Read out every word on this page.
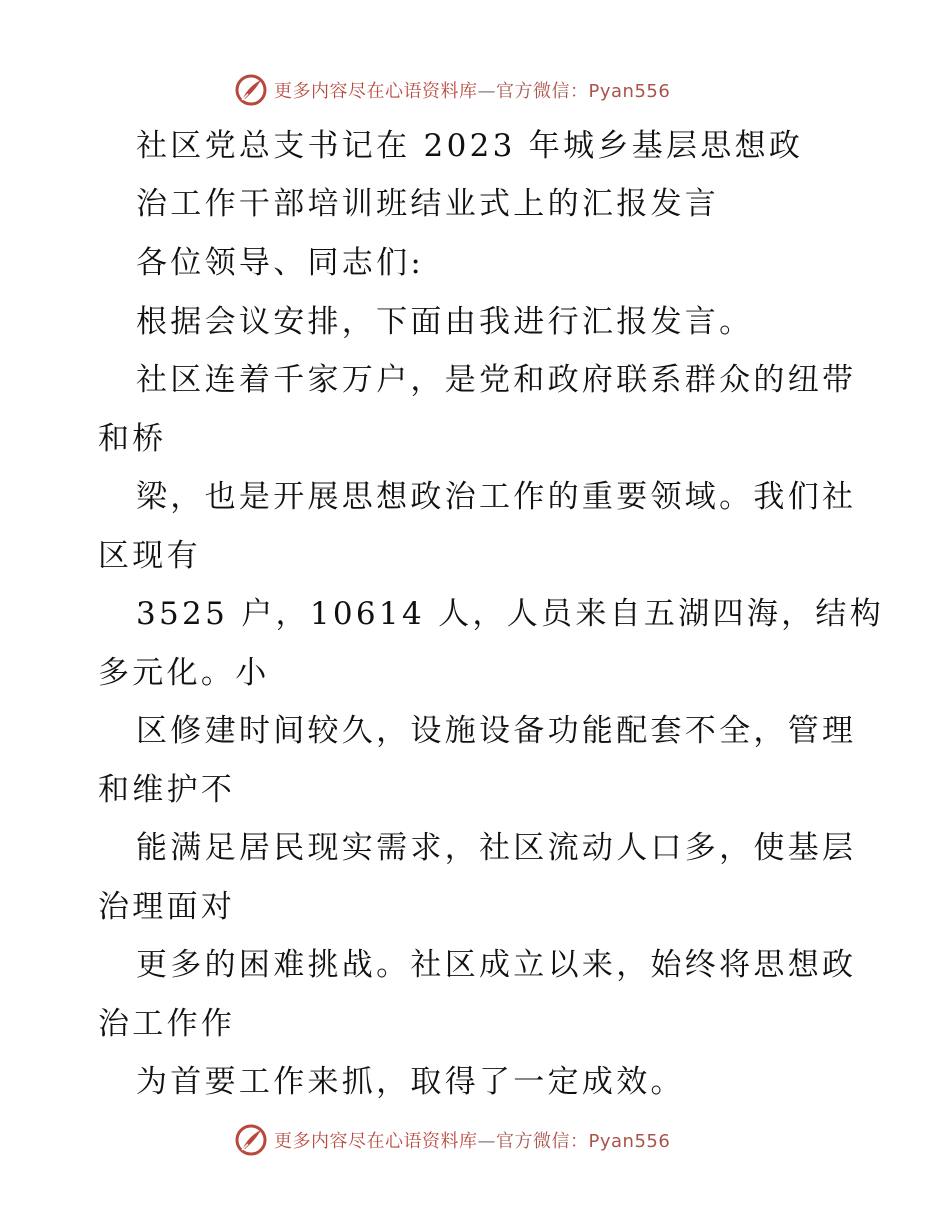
更多内容尽在心语资料库—官方微信：Pyan556
社区党总支书记在 2023 年城乡基层思想政
治工作干部培训班结业式上的汇报发言
各位领导、同志们:
根据会议安排，下面由我进行汇报发言。
社区连着千家万户，是党和政府联系群众的纽带
和桥
梁，也是开展思想政治工作的重要领域。我们社
区现有
3525 户，10614 人，人员来自五湖四海，结构
多元化。小
区修建时间较久，设施设备功能配套不全，管理
和维护不
能满足居民现实需求，社区流动人口多，使基层
治理面对
更多的困难挑战。社区成立以来，始终将思想政
治工作作
为首要工作来抓，取得了一定成效。
更多内容尽在心语资料库—官方微信：Pyan556
